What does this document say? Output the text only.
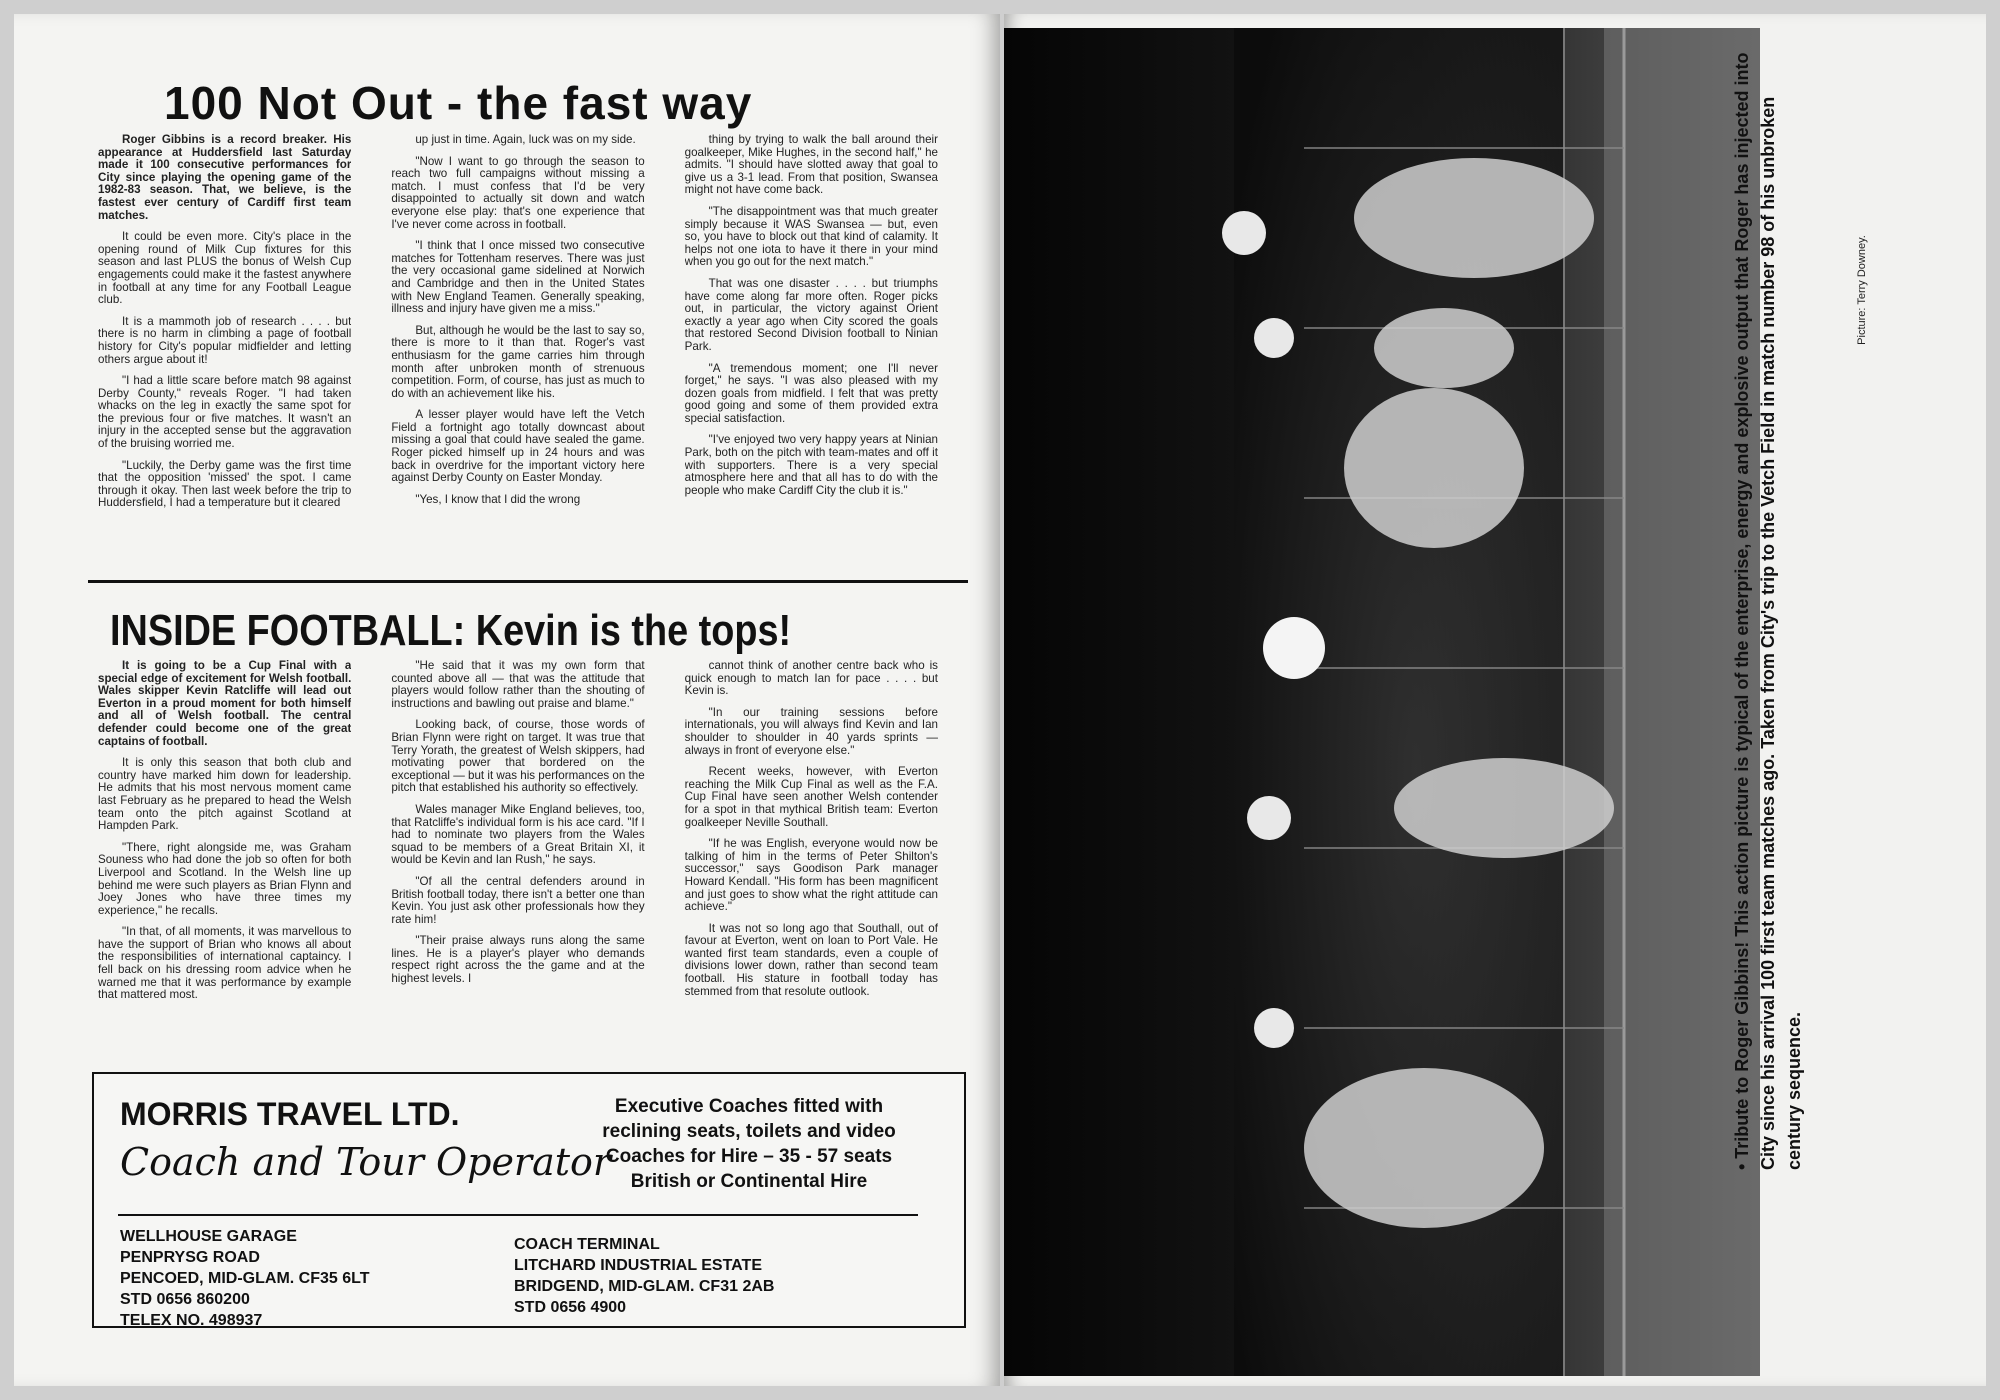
100 Not Out - the fast way

Roger Gibbins is a record breaker. His appearance at Huddersfield last Saturday made it 100 consecutive performances for City since playing the opening game of the 1982-83 season. That, we believe, is the fastest ever century of Cardiff first team matches.

It could be even more. City's place in the opening round of Milk Cup fixtures for this season and last PLUS the bonus of Welsh Cup engagements could make it the fastest anywhere in football at any time for any Football League club.

It is a mammoth job of research . . . . but there is no harm in climbing a page of football history for City's popular midfielder and letting others argue about it!

"I had a little scare before match 98 against Derby County," reveals Roger. "I had taken whacks on the leg in exactly the same spot for the previous four or five matches. It wasn't an injury in the accepted sense but the aggravation of the bruising worried me.

"Luckily, the Derby game was the first time that the opposition 'missed' the spot. I came through it okay. Then last week before the trip to Huddersfield, I had a temperature but it cleared

up just in time. Again, luck was on my side.

"Now I want to go through the season to reach two full campaigns without missing a match. I must confess that I'd be very disappointed to actually sit down and watch everyone else play: that's one experience that I've never come across in football.

"I think that I once missed two consecutive matches for Tottenham reserves. There was just the very occasional game sidelined at Norwich and Cambridge and then in the United States with New England Teamen. Generally speaking, illness and injury have given me a miss."

But, although he would be the last to say so, there is more to it than that. Roger's vast enthusiasm for the game carries him through month after unbroken month of strenuous competition. Form, of course, has just as much to do with an achievement like his.

A lesser player would have left the Vetch Field a fortnight ago totally downcast about missing a goal that could have sealed the game. Roger picked himself up in 24 hours and was back in overdrive for the important victory here against Derby County on Easter Monday.

"Yes, I know that I did the wrong

thing by trying to walk the ball around their goalkeeper, Mike Hughes, in the second half," he admits. "I should have slotted away that goal to give us a 3-1 lead. From that position, Swansea might not have come back.

"The disappointment was that much greater simply because it WAS Swansea — but, even so, you have to block out that kind of calamity. It helps not one iota to have it there in your mind when you go out for the next match."

That was one disaster . . . . but triumphs have come along far more often. Roger picks out, in particular, the victory against Orient exactly a year ago when City scored the goals that restored Second Division football to Ninian Park.

"A tremendous moment; one I'll never forget," he says. "I was also pleased with my dozen goals from midfield. I felt that was pretty good going and some of them provided extra special satisfaction.

"I've enjoyed two very happy years at Ninian Park, both on the pitch with team-mates and off it with supporters. There is a very special atmosphere here and that all has to do with the people who make Cardiff City the club it is."

INSIDE FOOTBALL: Kevin is the tops!

It is going to be a Cup Final with a special edge of excitement for Welsh football. Wales skipper Kevin Ratcliffe will lead out Everton in a proud moment for both himself and all of Welsh football. The central defender could become one of the great captains of football.

It is only this season that both club and country have marked him down for leadership. He admits that his most nervous moment came last February as he prepared to head the Welsh team onto the pitch against Scotland at Hampden Park.

"There, right alongside me, was Graham Souness who had done the job so often for both Liverpool and Scotland. In the Welsh line up behind me were such players as Brian Flynn and Joey Jones who have three times my experience," he recalls.

"In that, of all moments, it was marvellous to have the support of Brian who knows all about the responsibilities of international captaincy. I fell back on his dressing room advice when he warned me that it was performance by example that mattered most.

"He said that it was my own form that counted above all — that was the attitude that players would follow rather than the shouting of instructions and bawling out praise and blame."

Looking back, of course, those words of Brian Flynn were right on target. It was true that Terry Yorath, the greatest of Welsh skippers, had motivating power that bordered on the exceptional — but it was his performances on the pitch that established his authority so effectively.

Wales manager Mike England believes, too, that Ratcliffe's individual form is his ace card. "If I had to nominate two players from the Wales squad to be members of a Great Britain XI, it would be Kevin and Ian Rush," he says.

"Of all the central defenders around in British football today, there isn't a better one than Kevin. You just ask other professionals how they rate him!

"Their praise always runs along the same lines. He is a player's player who demands respect right across the the game and at the highest levels. I

cannot think of another centre back who is quick enough to match Ian for pace . . . . but Kevin is.

"In our training sessions before internationals, you will always find Kevin and Ian shoulder to shoulder in 40 yards sprints — always in front of everyone else."

Recent weeks, however, with Everton reaching the Milk Cup Final as well as the F.A. Cup Final have seen another Welsh contender for a spot in that mythical British team: Everton goalkeeper Neville Southall.

"If he was English, everyone would now be talking of him in the terms of Peter Shilton's successor," says Goodison Park manager Howard Kendall. "His form has been magnificent and just goes to show what the right attitude can achieve."

It was not so long ago that Southall, out of favour at Everton, went on loan to Port Vale. He wanted first team standards, even a couple of divisions lower down, rather than second team football. His stature in football today has stemmed from that resolute outlook.

MORRIS TRAVEL LTD.
Coach and Tour Operator
Executive Coaches fitted with
reclining seats, toilets and video
Coaches for Hire – 35 - 57 seats
British or Continental Hire
WELLHOUSE GARAGE
PENPRYSG ROAD
PENCOED, MID-GLAM. CF35 6LT
STD 0656 860200
TELEX NO. 498937
COACH TERMINAL
LITCHARD INDUSTRIAL ESTATE
BRIDGEND, MID-GLAM. CF31 2AB
STD 0656 4900
• Tribute to Roger Gibbins! This action picture is typical of the enterprise, energy and explosive output that Roger has injected into City since his arrival 100 first team matches ago. Taken from City's trip to the Vetch Field in match number 98 of his unbroken century sequence.
Picture: Terry Downey.
